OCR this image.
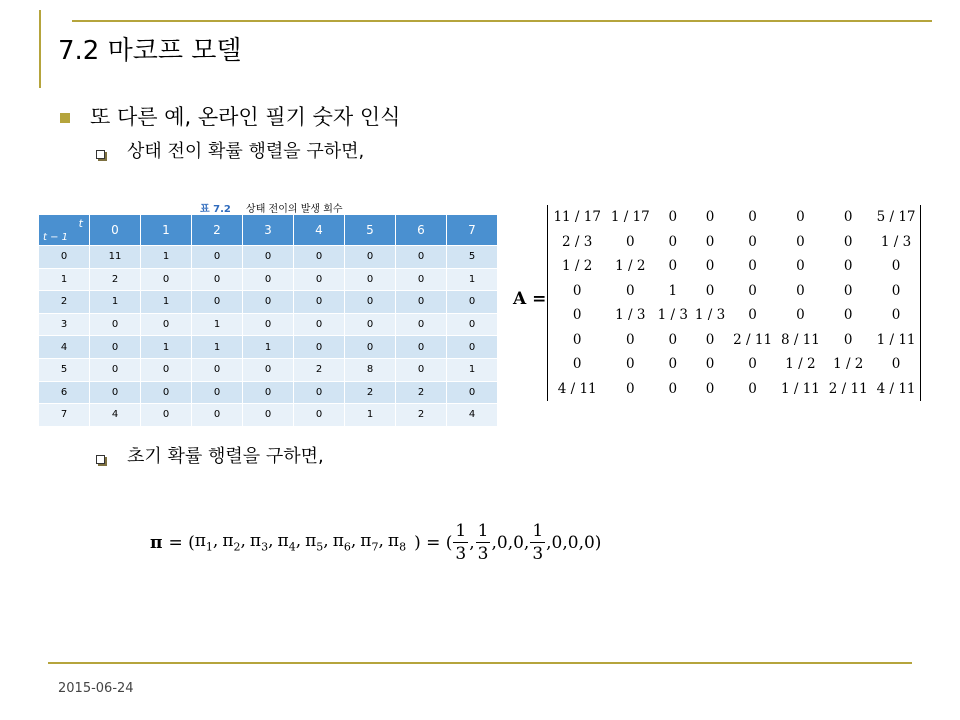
7.2 마코프 모델
또 다른 예, 온라인 필기 숫자 인식
상태 전이 확률 행렬을 구하면,
표 7.2 상태 전이의 발생 회수
t
t − 1	0	1	2	3	4	5	6	7
0	11	1	0	0	0	0	0	5
1	2	0	0	0	0	0	0	1
2	1	1	0	0	0	0	0	0
3	0	0	1	0	0	0	0	0
4	0	1	1	1	0	0	0	0
5	0	0	0	0	2	8	0	1
6	0	0	0	0	0	2	2	0
7	4	0	0	0	0	1	2	4
A =
11 / 17	1 / 17	0	0	0	0	0	5 / 17
2 / 3	0	0	0	0	0	0	1 / 3
1 / 2	1 / 2	0	0	0	0	0	0
0	0	1	0	0	0	0	0
0	1 / 3	1 / 3	1 / 3	0	0	0	0
0	0	0	0	2 / 11	8 / 11	0	1 / 11
0	0	0	0	0	1 / 2	1 / 2	0
4 / 11	0	0	0	0	1 / 11	2 / 11	4 / 11
초기 확률 행렬을 구하면,
π = ( $\pi_1$, $\pi_2$, $\pi_3$, $\pi_4$, $\pi_5$, $\pi_6$, $\pi_7$, $\pi_8$ ) = ( $\frac{1}{3}$ , $\frac{1}{3} ,0,0$, $\frac{1}{3} ,0,0,0$)
2015-06-24
